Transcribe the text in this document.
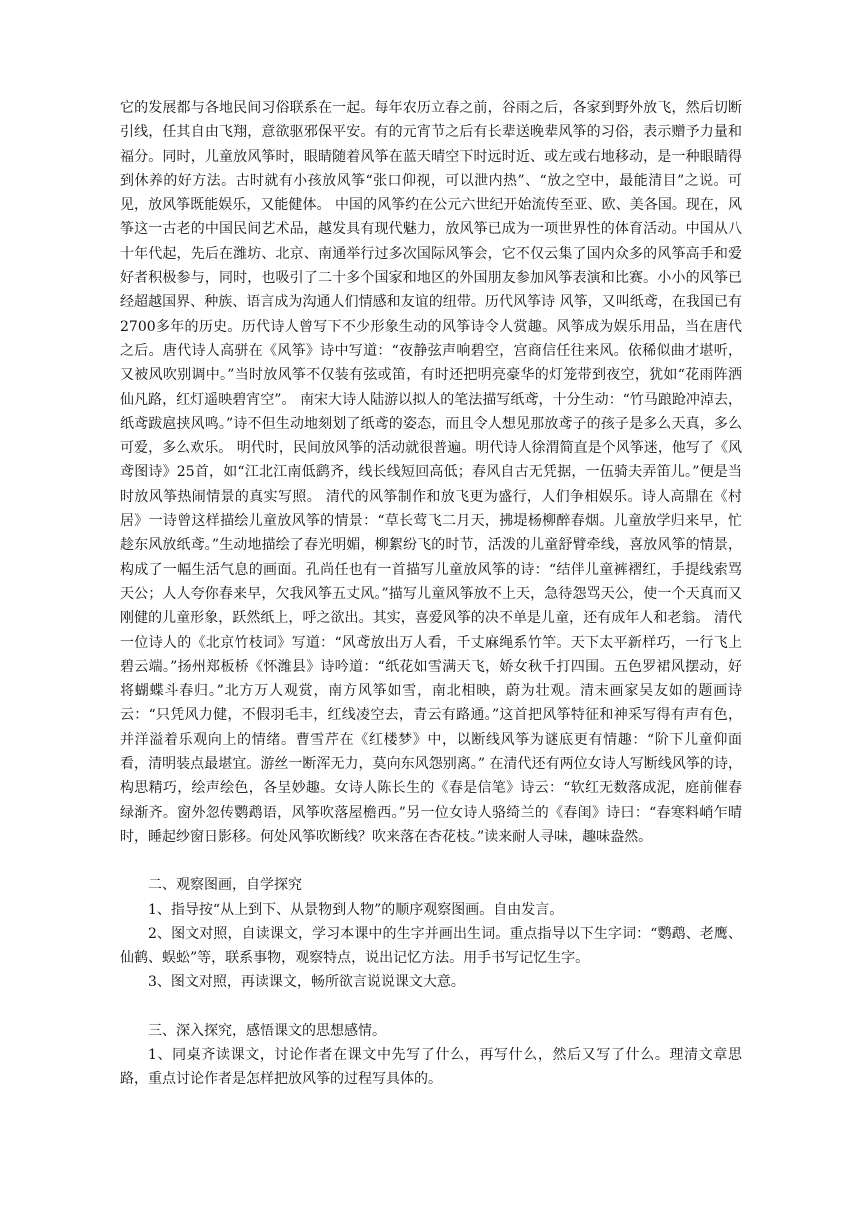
它的发展都与各地民间习俗联系在一起。每年农历立春之前，谷雨之后，各家到野外放飞，然后切断引线，任其自由飞翔，意欲驱邪保平安。有的元宵节之后有长辈送晚辈风筝的习俗，表示赠予力量和福分。同时，儿童放风筝时，眼睛随着风筝在蓝天晴空下时远时近、或左或右地移动，是一种眼睛得到休养的好方法。古时就有小孩放风筝“张口仰视，可以泄内热”、“放之空中，最能清目”之说。可见，放风筝既能娱乐，又能健体。 中国的风筝约在公元六世纪开始流传至亚、欧、美各国。现在，风筝这一古老的中国民间艺术品，越发具有现代魅力，放风筝已成为一项世界性的体育活动。中国从八十年代起，先后在潍坊、北京、南通举行过多次国际风筝会，它不仅云集了国内众多的风筝高手和爱好者积极参与，同时，也吸引了二十多个国家和地区的外国朋友参加风筝表演和比赛。小小的风筝已经超越国界、种族、语言成为沟通人们情感和友谊的纽带。历代风筝诗 风筝，又叫纸鸢，在我国已有2700多年的历史。历代诗人曾写下不少形象生动的风筝诗令人赏趣。风筝成为娱乐用品，当在唐代之后。唐代诗人高骈在《风筝》诗中写道：“夜静弦声响碧空，宫商信任往来风。依稀似曲才堪听，又被风吹别调中。”当时放风筝不仅装有弦或笛，有时还把明亮豪华的灯笼带到夜空，犹如“花雨阵洒仙凡路，红灯遥映碧宵空”。 南宋大诗人陆游以拟人的笔法描写纸鸢，十分生动：“竹马踉跄冲淖去，纸鸢跋扈挟风鸣。”诗不但生动地刻划了纸鸢的姿态，而且令人想见那放鸢子的孩子是多么天真，多么可爱，多么欢乐。 明代时，民间放风筝的活动就很普遍。明代诗人徐渭简直是个风筝迷，他写了《风鸢图诗》25首，如“江北江南低鹞齐，线长线短回高低；春风自古无凭据，一伍骑夫弄笛儿。”便是当时放风筝热闹情景的真实写照。 清代的风筝制作和放飞更为盛行，人们争相娱乐。诗人高鼎在《村居》一诗曾这样描绘儿童放风筝的情景：“草长莺飞二月天，拂堤杨柳醉春烟。儿童放学归来早，忙趁东风放纸鸢。”生动地描绘了春光明媚，柳絮纷飞的时节，活泼的儿童舒臂牵线，喜放风筝的情景，构成了一幅生活气息的画面。孔尚任也有一首描写儿童放风筝的诗：“结伴儿童裤褶红，手提线索骂天公；人人夸你春来早，欠我风筝五丈风。”描写儿童风筝放不上天，急待怨骂天公，使一个天真而又刚健的儿童形象，跃然纸上，呼之欲出。其实，喜爱风筝的决不单是儿童，还有成年人和老翁。 清代一位诗人的《北京竹枝词》写道：“风鸢放出万人看，千丈麻绳系竹竿。天下太平新样巧，一行飞上碧云端。”扬州郑板桥《怀潍县》诗吟道：“纸花如雪满天飞，娇女秋千打四围。五色罗裙风摆动，好将蝴蝶斗春归。”北方万人观赏，南方风筝如雪，南北相映，蔚为壮观。清末画家吴友如的题画诗云：“只凭风力健，不假羽毛丰，红线凌空去，青云有路通。”这首把风筝特征和神采写得有声有色，并洋溢着乐观向上的情绪。曹雪芹在《红楼梦》中，以断线风筝为谜底更有情趣：“阶下儿童仰面看，清明装点最堪宜。游丝一断浑无力，莫向东风怨别离。” 在清代还有两位女诗人写断线风筝的诗，构思精巧，绘声绘色，各呈妙趣。女诗人陈长生的《春是信笔》诗云：“软红无数落成泥，庭前催春绿渐齐。窗外忽传鹦鹉语，风筝吹落屋檐西。”另一位女诗人骆绮兰的《春闺》诗曰：“春寒料峭乍晴时，睡起纱窗日影移。何处风筝吹断线？吹来落在杏花枝。”读来耐人寻味，趣味盎然。

二、观察图画，自学探究

1、指导按“从上到下、从景物到人物”的顺序观察图画。自由发言。

2、图文对照，自读课文，学习本课中的生字并画出生词。重点指导以下生字词：“鹦鹉、老鹰、仙鹤、蜈蚣”等，联系事物，观察特点，说出记忆方法。用手书写记忆生字。

3、图文对照，再读课文，畅所欲言说说课文大意。

三、深入探究，感悟课文的思想感情。

1、同桌齐读课文，讨论作者在课文中先写了什么，再写什么，然后又写了什么。理清文章思路，重点讨论作者是怎样把放风筝的过程写具体的。
